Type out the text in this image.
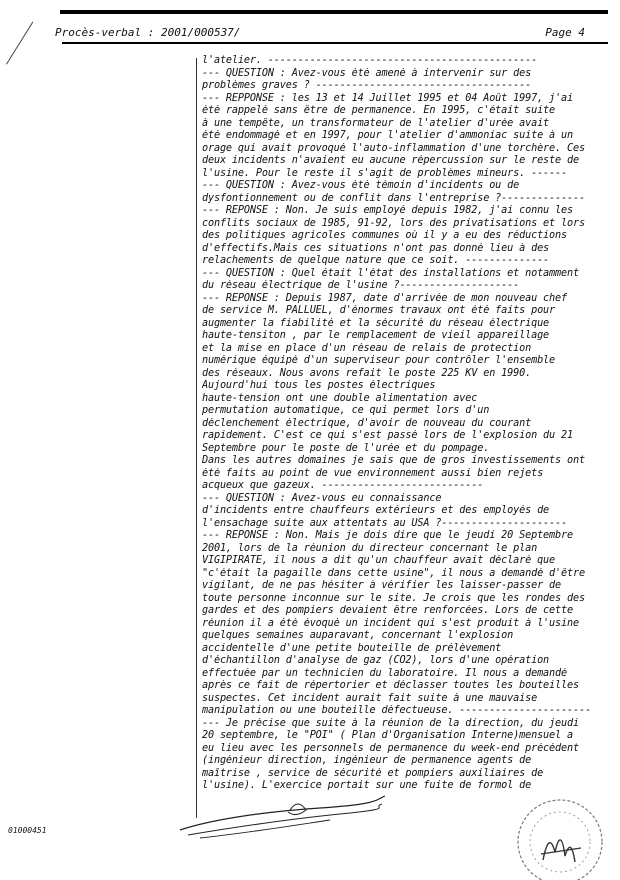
Procès-verbal : 2001/000537/	Page 4
l'atelier. ---------------------------------------------
--- QUESTION : Avez-vous été amené à intervenir sur des
problèmes graves ? ------------------------------------
--- REPPONSE : les 13 et 14 Juillet 1995 et 04 Août 1997, j'ai
été rappelé sans être de permanence. En 1995, c'était suite
à une tempête, un transformateur de l'atelier d'urée avait
été endommagé et en 1997, pour l'atelier d'ammoniac suite à un
orage qui avait provoqué l'auto-inflammation d'une torchère. Ces
deux incidents n'avaient eu aucune répercussion sur le reste de
l'usine. Pour le reste il s'agit de problèmes mineurs. ------
--- QUESTION : Avez-vous été témoin d'incidents ou de
dysfontionnement ou de conflit dans l'entreprise ?--------------
--- REPONSE : Non. Je suis employé depuis 1982, j'ai connu les
conflits sociaux de 1985, 91-92, lors des privatisations et lors
des politiques agricoles communes où il y a eu des réductions
d'effectifs.Mais ces situations n'ont pas donné lieu à des
relachements de quelque nature que ce soit. --------------
--- QUESTION : Quel était l'état des installations et notamment
du réseau électrique de l'usine ?--------------------
--- REPONSE : Depuis 1987, date d'arrivée de mon nouveau chef
de service M. PALLUEL, d'énormes travaux ont été faits pour
augmenter la fiabilité et la sécurité du réseau électrique
haute-tensiton , par le remplacement de vieil appareillage
et la mise en place d'un réseau de relais de protection
numérique équipé d'un superviseur pour contrôler l'ensemble
des réseaux. Nous avons refait le poste 225 KV en 1990.
Aujourd'hui tous les postes électriques
haute-tension ont une double alimentation avec
permutation automatique, ce qui permet lors d'un
déclenchement électrique, d'avoir de nouveau du courant
rapidement. C'est ce qui s'est passé lors de l'explosion du 21
Septembre pour le poste de l'urée et du pompage.
Dans les autres domaines je sais que de gros investissements ont
été faits au point de vue environnement aussi bien rejets
acqueux que gazeux. ---------------------------
--- QUESTION : Avez-vous eu connaissance
d'incidents entre chauffeurs extérieurs et des employés de
l'ensachage suite aux attentats au USA ?---------------------
--- REPONSE : Non. Mais je dois dire que le jeudi 20 Septembre
2001, lors de la réunion du directeur concernant le plan
VIGIPIRATE, il nous a dit qu'un chauffeur avait déclaré que
"c'était la pagaille dans cette usine", il nous a demandé d'être
vigilant, de ne pas hésiter à vérifier les laisser-passer de
toute personne inconnue sur le site. Je crois que les rondes des
gardes et des pompiers devaient être renforcées. Lors de cette
réunion il a été évoqué un incident qui s'est produit à l'usine
quelques semaines auparavant, concernant l'explosion
accidentelle d'une petite bouteille de prélèvement
d'échantillon d'analyse de gaz (CO2), lors d'une opération
effectuée par un technicien du laboratoire. Il nous a demandé
après ce fait de répertorier et déclasser toutes les bouteilles
suspectes. Cet incident aurait fait suite à une mauvaise
manipulation ou une bouteille défectueuse. ----------------------
--- Je précise que suite à la réunion de la direction, du jeudi
20 septembre, le "POI" ( Plan d'Organisation Interne)mensuel a
eu lieu avec les personnels de permanence du week-end précédent
(ingénieur direction, ingénieur de permanence agents de
maîtrise , service de sécurité et pompiers auxiliaires de
l'usine). L'exercice portait sur une fuite de formol de
01000451
